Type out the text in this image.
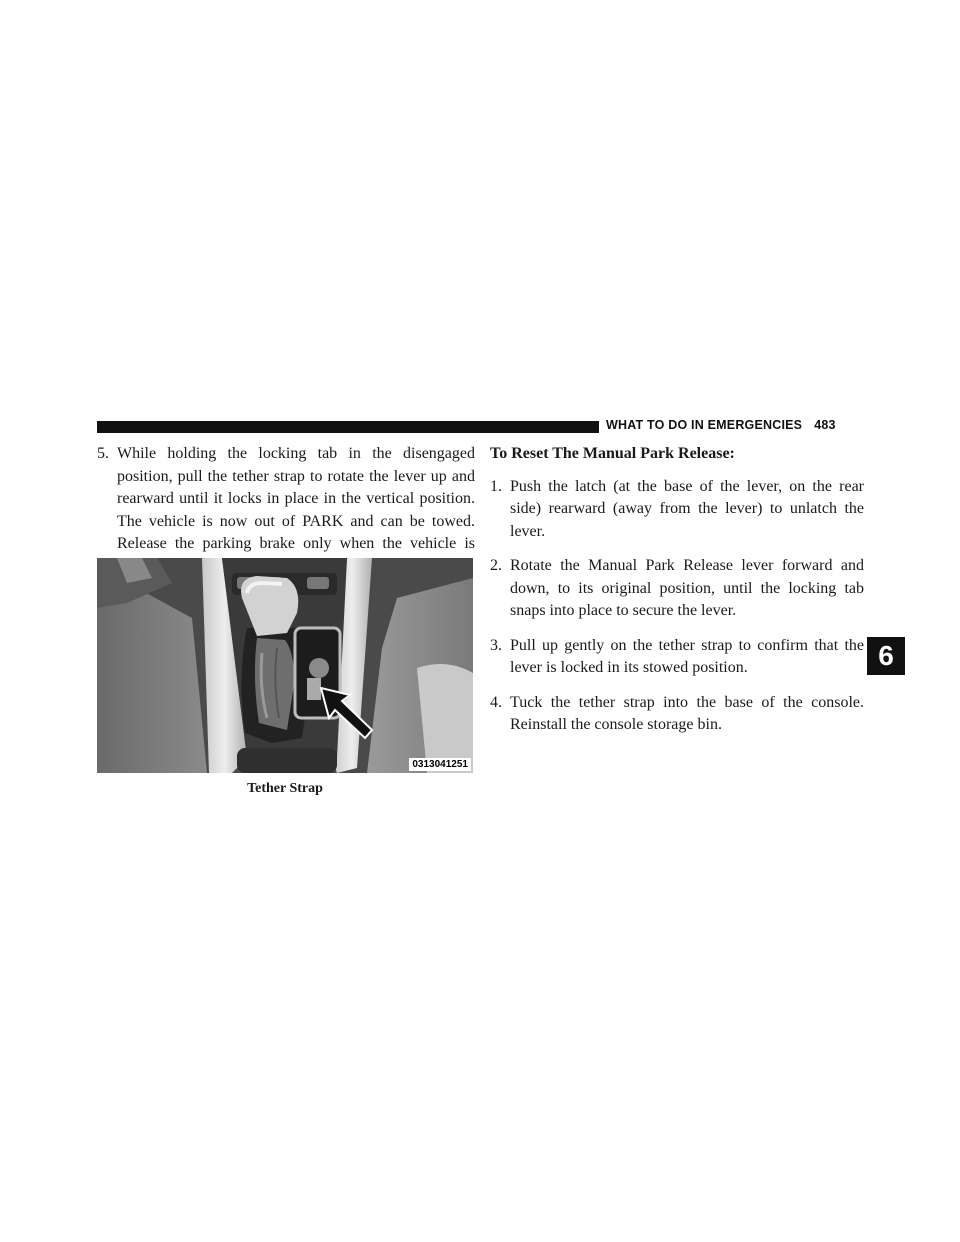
WHAT TO DO IN EMERGENCIES 483

5. While holding the locking tab in the disengaged position, pull the tether strap to rotate the lever up and rearward until it locks in place in the vertical position. The vehicle is now out of PARK and can be towed. Release the parking brake only when the vehicle is

0313041251
Tether Strap

To Reset The Manual Park Release:

1. Push the latch (at the base of the lever, on the rear side) rearward (away from the lever) to unlatch the lever.

2. Rotate the Manual Park Release lever forward and down, to its original position, until the locking tab snaps into place to secure the lever.

3. Pull up gently on the tether strap to confirm that the lever is locked in its stowed position.

4. Tuck the tether strap into the base of the console. Reinstall the console storage bin.

6
